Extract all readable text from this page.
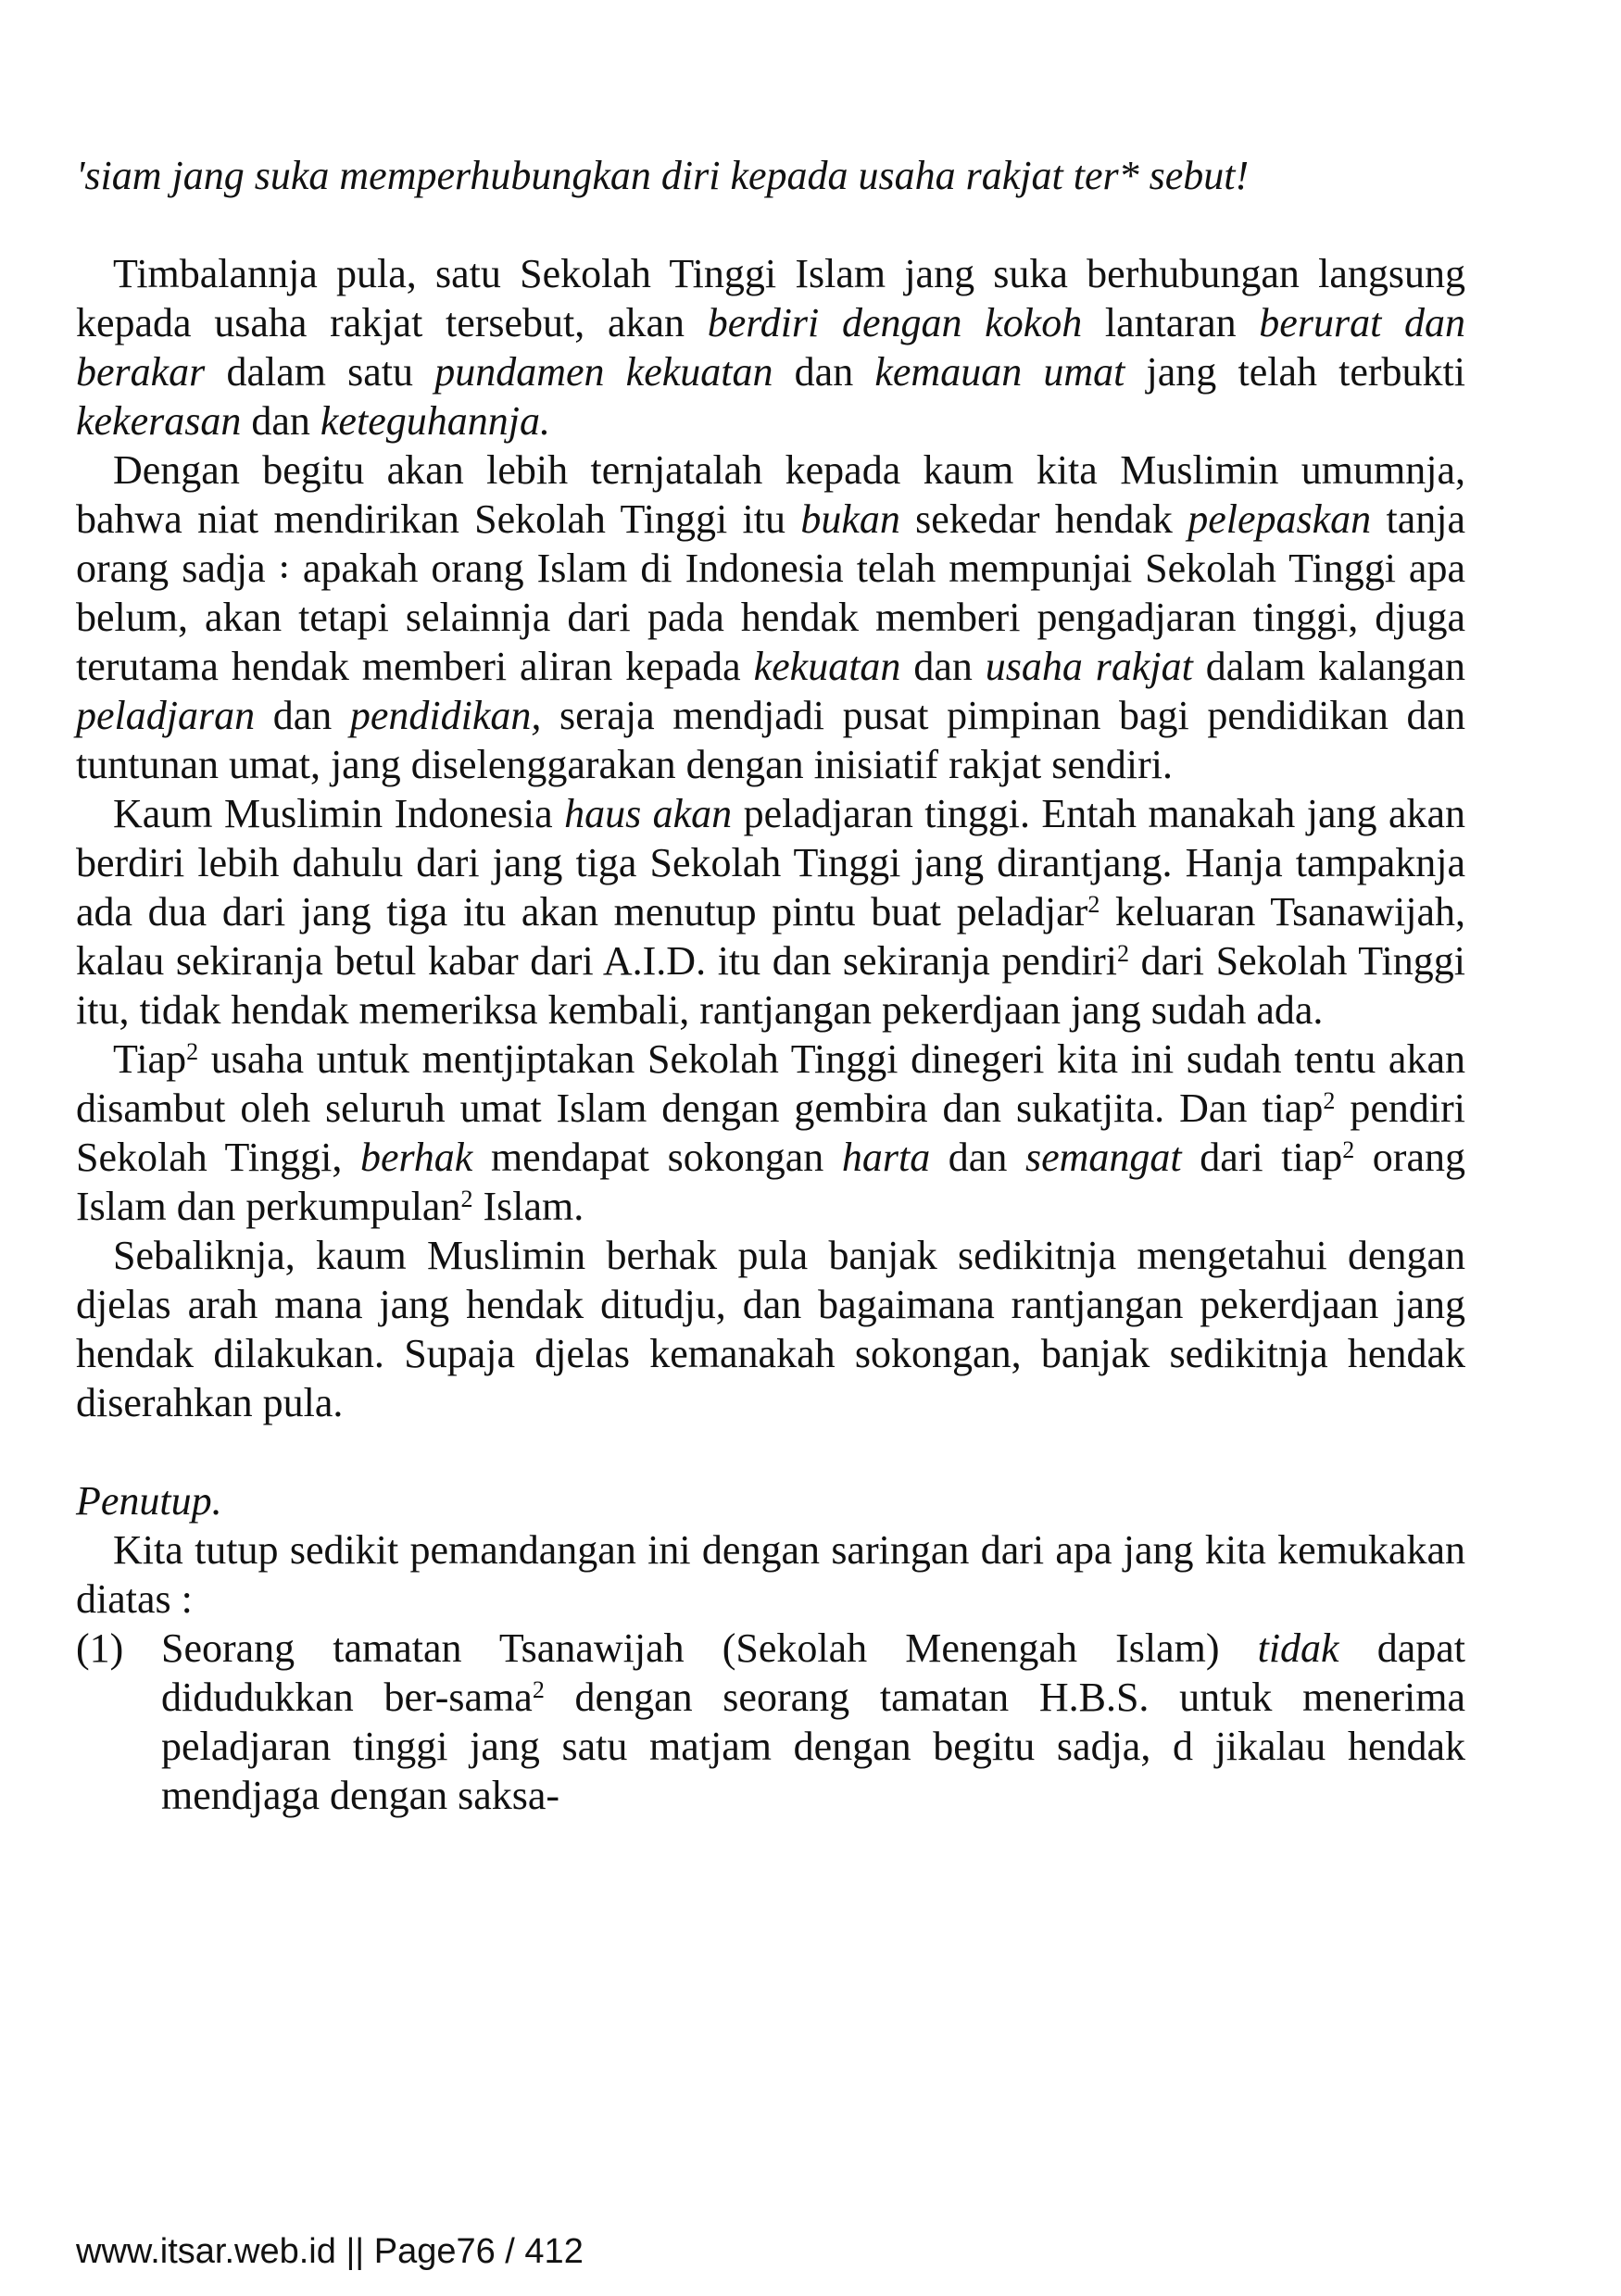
'siam jang suka memperhubungkan diri kepada usaha rakjat ter* sebut!

Timbalannja pula, satu Sekolah Tinggi Islam jang suka berhubungan langsung kepada usaha rakjat tersebut, akan berdiri dengan kokoh lantaran berurat dan berakar dalam satu pundamen kekuatan dan kemauan umat jang telah terbukti kekerasan dan keteguhannja.

Dengan begitu akan lebih ternjatalah kepada kaum kita Muslimin umumnja, bahwa niat mendirikan Sekolah Tinggi itu bukan sekedar hendak pelepaskan tanja orang sadja ꞉ apakah orang Islam di Indonesia telah mempunjai Sekolah Tinggi apa belum, akan tetapi selainnja dari pada hendak memberi pengadjaran tinggi, djuga terutama hendak memberi aliran kepada kekuatan dan usaha rakjat dalam kalangan peladjaran dan pendidikan, seraja mendjadi pusat pimpinan bagi pendidikan dan tuntunan umat, jang diselenggarakan dengan inisiatif rakjat sendiri.

Kaum Muslimin Indonesia haus akan peladjaran tinggi. Entah manakah jang akan berdiri lebih dahulu dari jang tiga Sekolah Tinggi jang dirantjang. Hanja tampaknja ada dua dari jang tiga itu akan menutup pintu buat peladjar$^2$ keluaran Tsanawijah, kalau sekiranja betul kabar dari A.I.D. itu dan sekiranja pendiri$^2$ dari Sekolah Tinggi itu, tidak hendak memeriksa kembali, rantjangan pekerdjaan jang sudah ada.

Tiap$^2$ usaha untuk mentjiptakan Sekolah Tinggi dinegeri kita ini sudah tentu akan disambut oleh seluruh umat Islam dengan gembira dan sukatjita. Dan tiap$^2$ pendiri Sekolah Tinggi, berhak mendapat sokongan harta dan semangat dari tiap$^2$ orang Islam dan perkumpulan$^2$ Islam.

Sebaliknja, kaum Muslimin berhak pula banjak sedikitnja mengetahui dengan djelas arah mana jang hendak ditudju, dan bagaimana rantjangan pekerdjaan jang hendak dilakukan. Supaja djelas kemanakah sokongan, banjak sedikitnja hendak diserahkan pula.

Penutup.

Kita tutup sedikit pemandangan ini dengan saringan dari apa jang kita kemukakan diatas :

(1) Seorang tamatan Tsanawijah (Sekolah Menengah Islam) tidak dapat didudukkan ber-sama$^2$ dengan seorang tamatan H.B.S. untuk menerima peladjaran tinggi jang satu matjam dengan begitu sadja, d jikalau hendak mendjaga dengan saksa-
www.itsar.web.id || Page76 / 412
